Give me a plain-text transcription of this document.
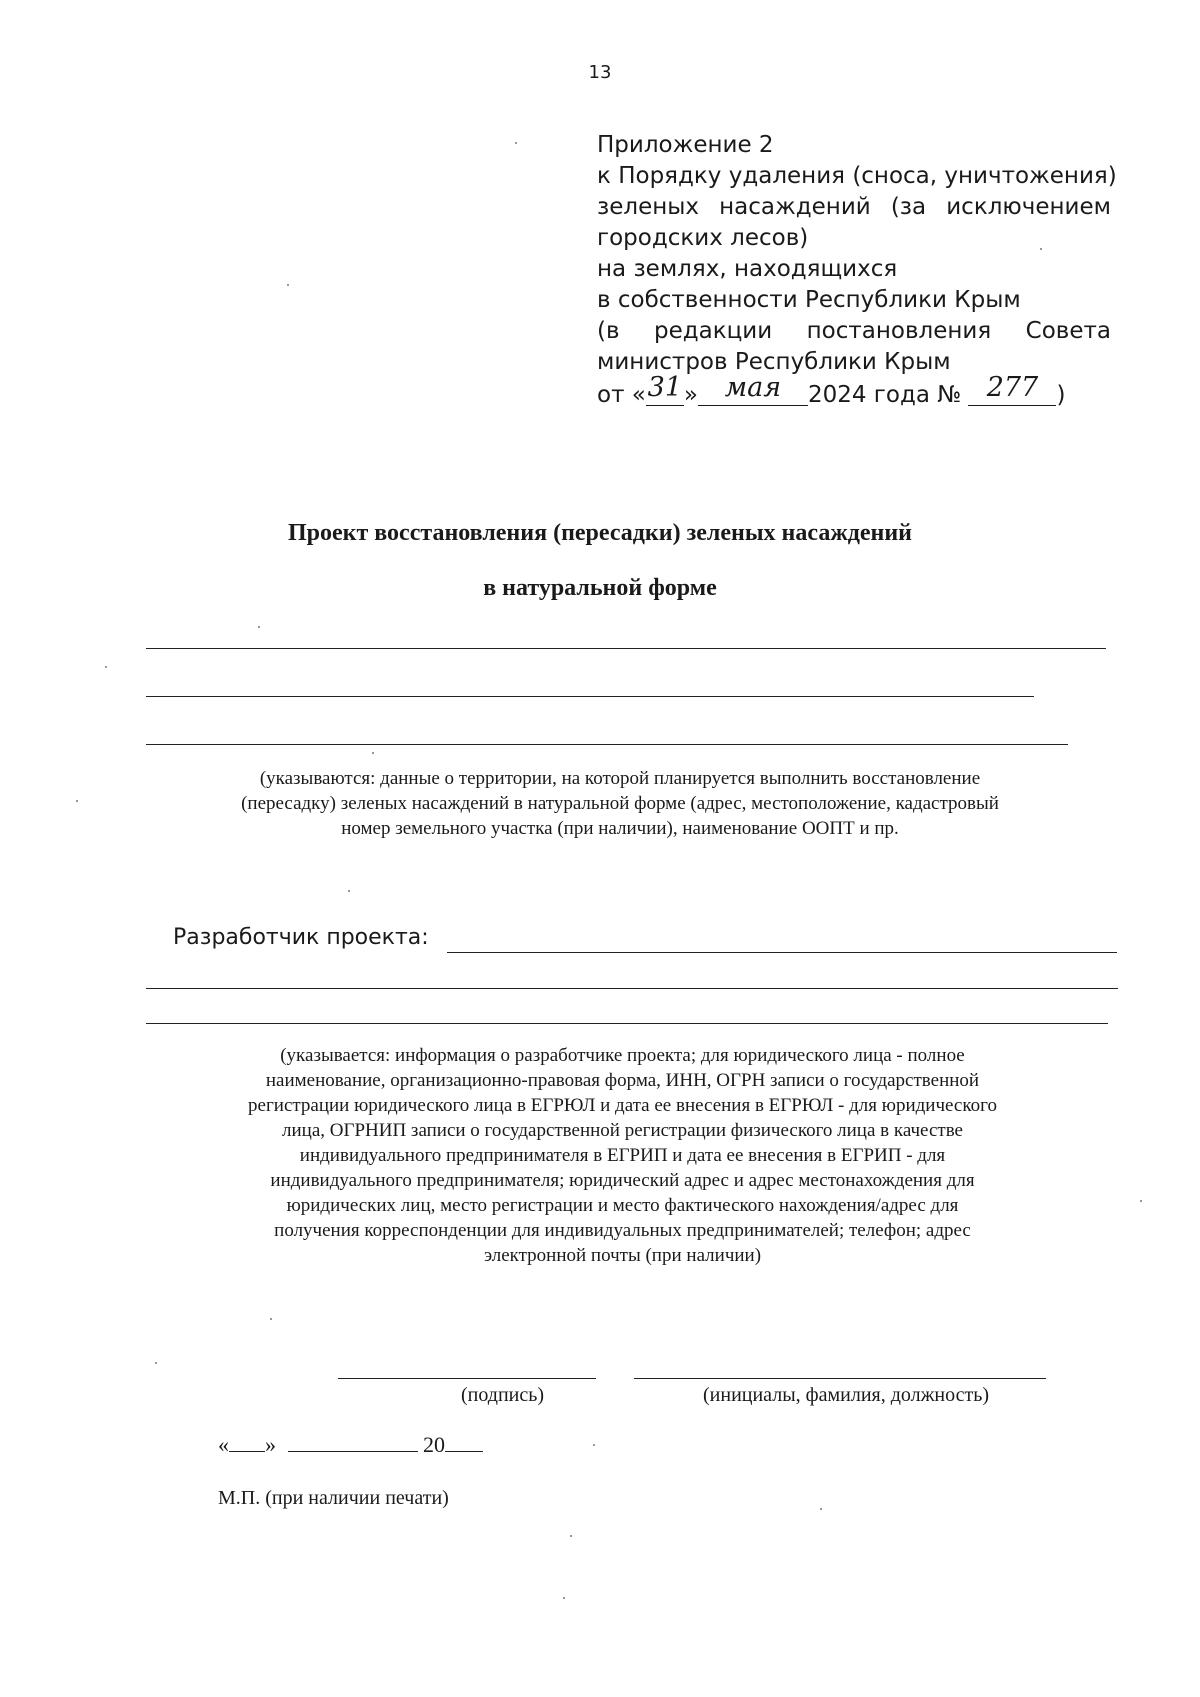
13
Приложение 2
к Порядку удаления (сноса, уничтожения)
зеленых насаждений (за исключением
городских лесов)
на землях, находящихся
в собственности Республики Крым
(в редакции постановления Совета
министров Республики Крым
от «31» мая 2024 года № 277 )
Проект восстановления (пересадки) зеленых насаждений
в натуральной форме
(указываются: данные о территории, на которой планируется выполнить восстановление
(пересадку) зеленых насаждений в натуральной форме (адрес, местоположение, кадастровый
номер земельного участка (при наличии), наименование ООПТ и пр.
Разработчик проекта:
(указывается: информация о разработчике проекта; для юридического лица - полное
наименование, организационно-правовая форма, ИНН, ОГРН записи о государственной
регистрации юридического лица в ЕГРЮЛ и дата ее внесения в ЕГРЮЛ - для юридического
лица, ОГРНИП записи о государственной регистрации физического лица в качестве
индивидуального предпринимателя в ЕГРИП и дата ее внесения в ЕГРИП - для
индивидуального предпринимателя; юридический адрес и адрес местонахождения для
юридических лиц, место регистрации и место фактического нахождения/адрес для
получения корреспонденции для индивидуальных предпринимателей; телефон; адрес
электронной почты (при наличии)
(подпись)	(инициалы, фамилия, должность)
« »	20
М.П. (при наличии печати)
